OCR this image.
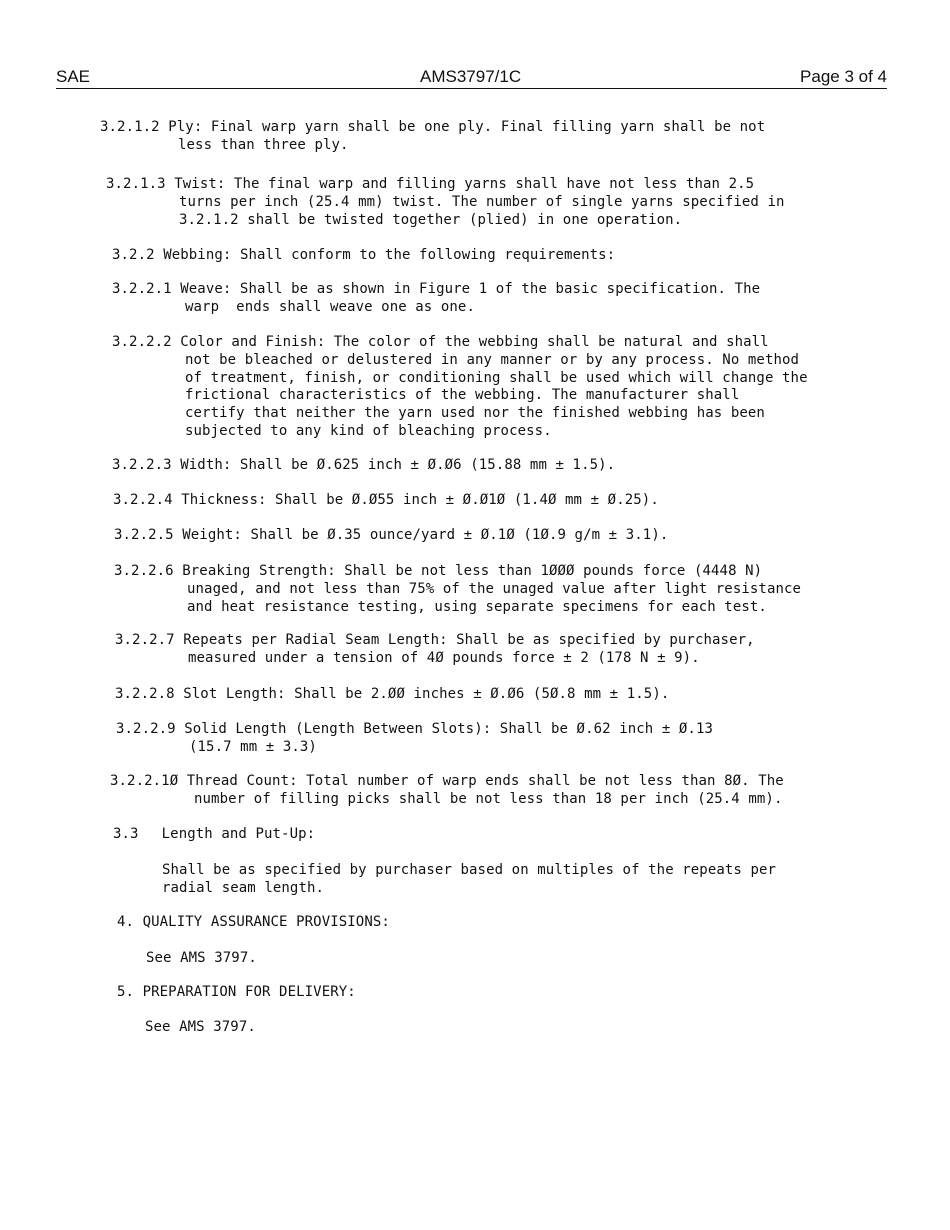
SAE	AMS3797/1C	Page 3 of 4
3.2.1.2 Ply: Final warp yarn shall be one ply. Final filling yarn shall be not
less than three ply.
3.2.1.3 Twist: The final warp and filling yarns shall have not less than 2.5
turns per inch (25.4 mm) twist. The number of single yarns specified in
3.2.1.2 shall be twisted together (plied) in one operation.
3.2.2 Webbing: Shall conform to the following requirements:
3.2.2.1 Weave: Shall be as shown in Figure 1 of the basic specification. The
warp  ends shall weave one as one.
3.2.2.2 Color and Finish: The color of the webbing shall be natural and shall
not be bleached or delustered in any manner or by any process. No method
of treatment, finish, or conditioning shall be used which will change the
frictional characteristics of the webbing. The manufacturer shall
certify that neither the yarn used nor the finished webbing has been
subjected to any kind of bleaching process.
3.2.2.3 Width: Shall be Ø.625 inch ± Ø.Ø6 (15.88 mm ± 1.5).
3.2.2.4 Thickness: Shall be Ø.Ø55 inch ± Ø.Ø1Ø (1.4Ø mm ± Ø.25).
3.2.2.5 Weight: Shall be Ø.35 ounce/yard ± Ø.1Ø (1Ø.9 g/m ± 3.1).
3.2.2.6 Breaking Strength: Shall be not less than 1ØØØ pounds force (4448 N)
unaged, and not less than 75% of the unaged value after light resistance
and heat resistance testing, using separate specimens for each test.
3.2.2.7 Repeats per Radial Seam Length: Shall be as specified by purchaser,
measured under a tension of 4Ø pounds force ± 2 (178 N ± 9).
3.2.2.8 Slot Length: Shall be 2.ØØ inches ± Ø.Ø6 (5Ø.8 mm ± 1.5).
3.2.2.9 Solid Length (Length Between Slots): Shall be Ø.62 inch ± Ø.13
(15.7 mm ± 3.3)
3.2.2.1Ø Thread Count: Total number of warp ends shall be not less than 8Ø. The
number of filling picks shall be not less than 18 per inch (25.4 mm).
3.3 Length and Put-Up:
Shall be as specified by purchaser based on multiples of the repeats per
radial seam length.
4. QUALITY ASSURANCE PROVISIONS:
See AMS 3797.
5. PREPARATION FOR DELIVERY:
See AMS 3797.
